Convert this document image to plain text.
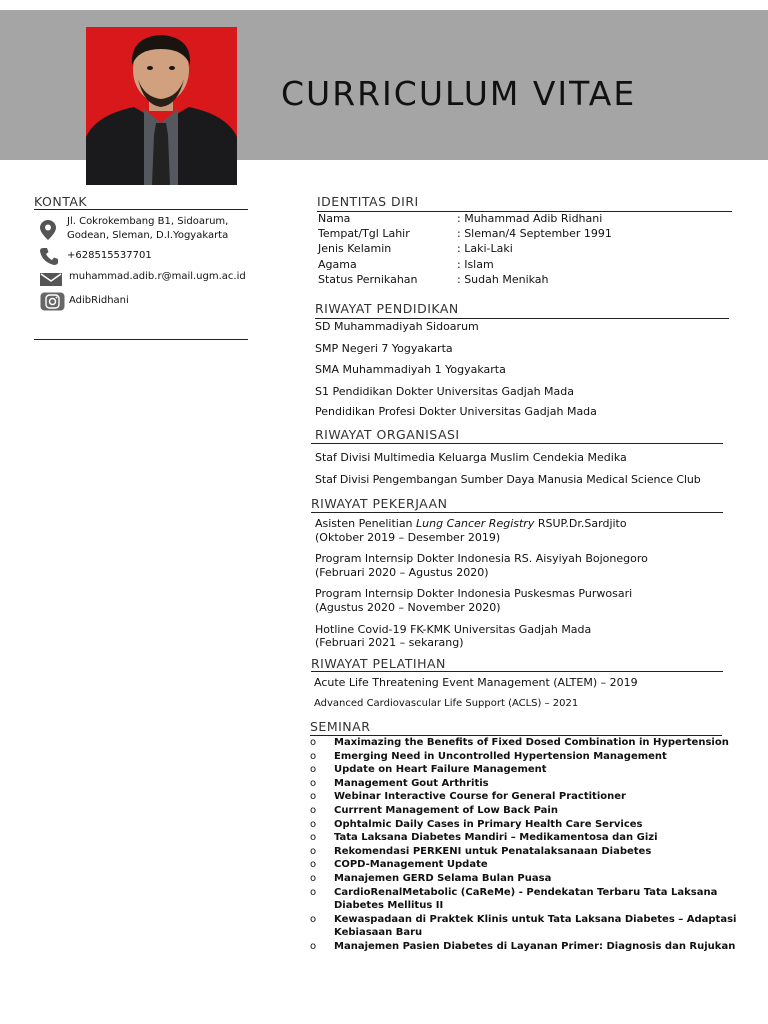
CURRICULUM VITAE
KONTAK
Jl. Cokrokembang B1, Sidoarum,
Godean, Sleman, D.I.Yogyakarta
+628515537701
muhammad.adib.r@mail.ugm.ac.id
AdibRidhani
IDENTITAS DIRI
Nama	: Muhammad Adib Ridhani
Tempat/Tgl Lahir	: Sleman/4 September 1991
Jenis Kelamin	: Laki-Laki
Agama	: Islam
Status Pernikahan	: Sudah Menikah
RIWAYAT PENDIDIKAN
SD Muhammadiyah Sidoarum
SMP Negeri 7 Yogyakarta
SMA Muhammadiyah 1 Yogyakarta
S1 Pendidikan Dokter Universitas Gadjah Mada
Pendidikan Profesi Dokter Universitas Gadjah Mada
RIWAYAT ORGANISASI
Staf Divisi Multimedia Keluarga Muslim Cendekia Medika
Staf Divisi Pengembangan Sumber Daya Manusia Medical Science Club
RIWAYAT PEKERJAAN
Asisten Penelitian Lung Cancer Registry RSUP.Dr.Sardjito
(Oktober 2019 – Desember 2019)
Program Internsip Dokter Indonesia RS. Aisyiyah Bojonegoro
(Februari 2020 – Agustus 2020)
Program Internsip Dokter Indonesia Puskesmas Purwosari
(Agustus 2020 – November 2020)
Hotline Covid-19 FK-KMK Universitas Gadjah Mada
(Februari 2021 – sekarang)
RIWAYAT PELATIHAN
Acute Life Threatening Event Management (ALTEM) – 2019
Advanced Cardiovascular Life Support (ACLS) – 2021
SEMINAR
o	Maximazing the Benefits of Fixed Dosed Combination in Hypertension
o	Emerging Need in Uncontrolled Hypertension Management
o	Update on Heart Failure Management
o	Management Gout Arthritis
o	Webinar Interactive Course for General Practitioner
o	Currrent Management of Low Back Pain
o	Ophtalmic Daily Cases in Primary Health Care Services
o	Tata Laksana Diabetes Mandiri – Medikamentosa dan Gizi
o	Rekomendasi PERKENI untuk Penatalaksanaan Diabetes
o	COPD-Management Update
o	Manajemen GERD Selama Bulan Puasa
o	CardioRenalMetabolic (CaReMe) - Pendekatan Terbaru Tata Laksana Diabetes Mellitus II
o	Kewaspadaan di Praktek Klinis untuk Tata Laksana Diabetes – Adaptasi Kebiasaan Baru
o	Manajemen Pasien Diabetes di Layanan Primer: Diagnosis dan Rujukan
